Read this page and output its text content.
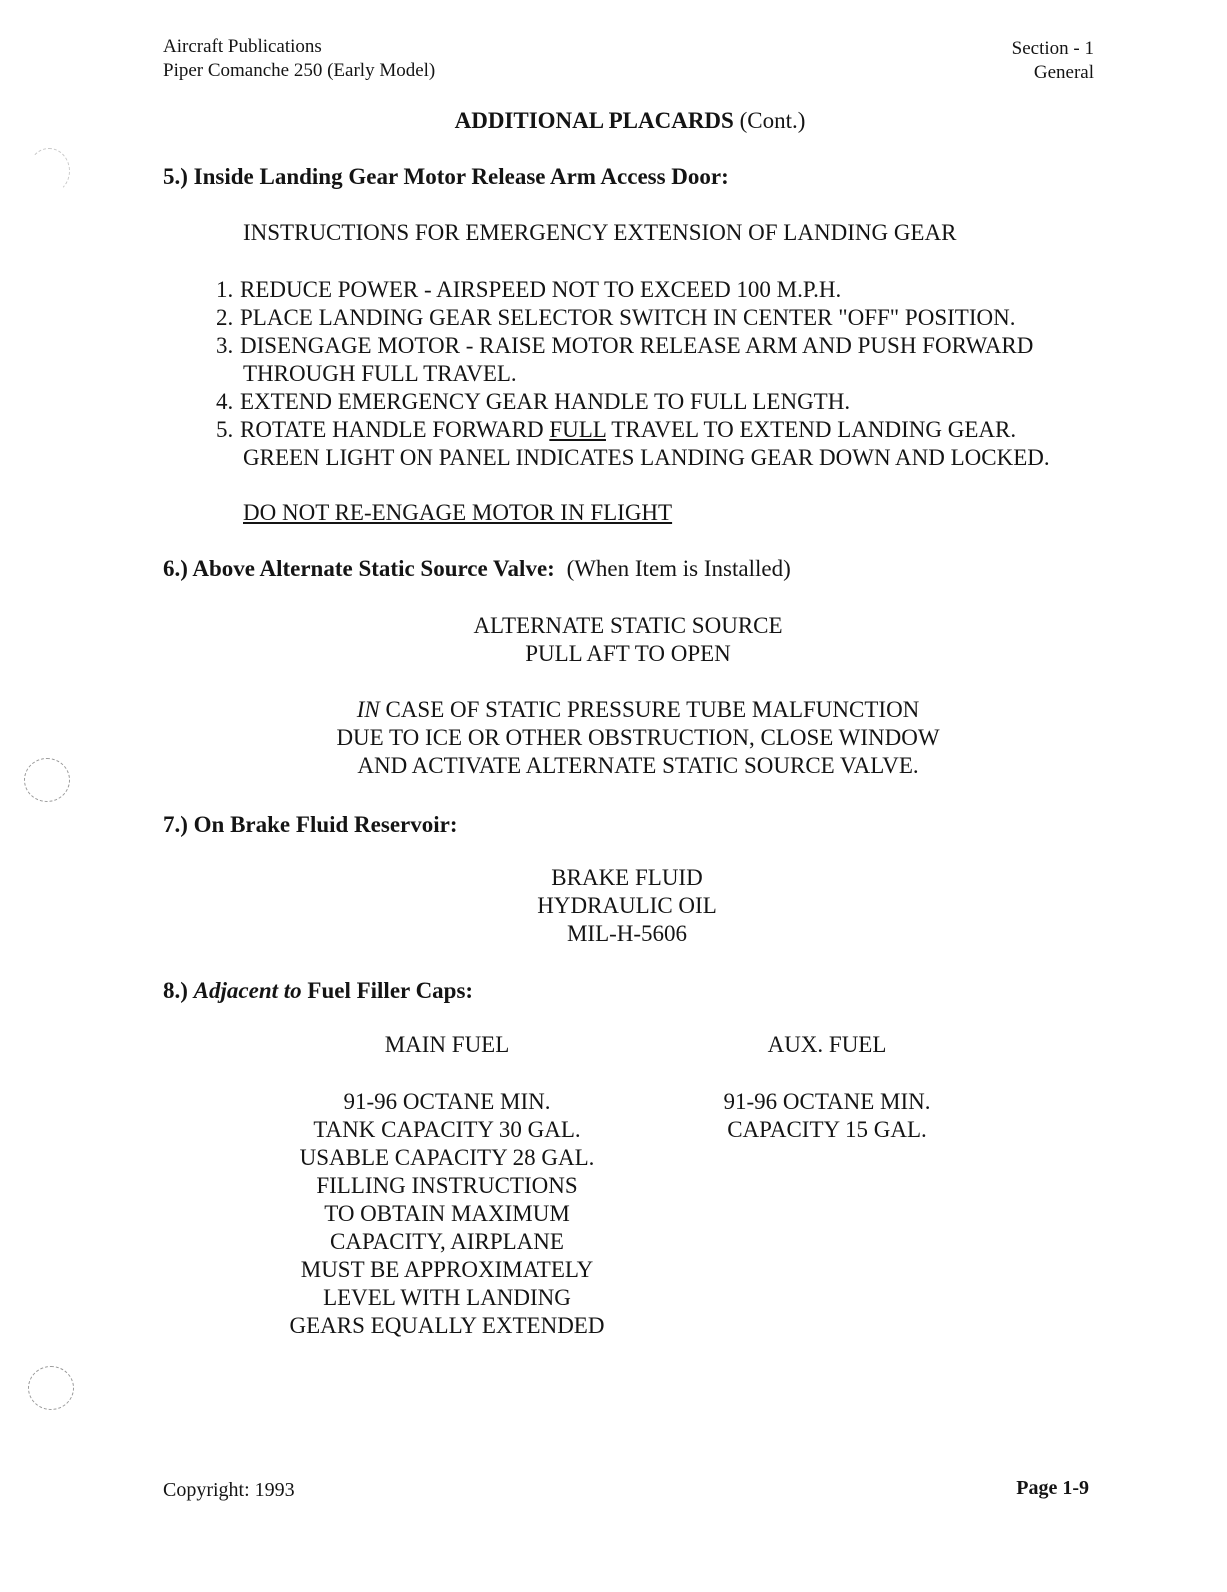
Aircraft Publications
Piper Comanche 250 (Early Model)
Section - 1
General
ADDITIONAL PLACARDS (Cont.)
5.) Inside Landing Gear Motor Release Arm Access Door:
INSTRUCTIONS FOR EMERGENCY EXTENSION OF LANDING GEAR
1. REDUCE POWER - AIRSPEED NOT TO EXCEED 100 M.P.H.
2. PLACE LANDING GEAR SELECTOR SWITCH IN CENTER "OFF" POSITION.
3. DISENGAGE MOTOR - RAISE MOTOR RELEASE ARM AND PUSH FORWARD
THROUGH FULL TRAVEL.
4. EXTEND EMERGENCY GEAR HANDLE TO FULL LENGTH.
5. ROTATE HANDLE FORWARD FULL TRAVEL TO EXTEND LANDING GEAR.
GREEN LIGHT ON PANEL INDICATES LANDING GEAR DOWN AND LOCKED.
DO NOT RE-ENGAGE MOTOR IN FLIGHT
6.) Above Alternate Static Source Valve: (When Item is Installed)
ALTERNATE STATIC SOURCE
PULL AFT TO OPEN
IN CASE OF STATIC PRESSURE TUBE MALFUNCTION
DUE TO ICE OR OTHER OBSTRUCTION, CLOSE WINDOW
AND ACTIVATE ALTERNATE STATIC SOURCE VALVE.
7.) On Brake Fluid Reservoir:
BRAKE FLUID
HYDRAULIC OIL
MIL-H-5606
8.) Adjacent to Fuel Filler Caps:
MAIN FUEL
91-96 OCTANE MIN.
TANK CAPACITY 30 GAL.
USABLE CAPACITY 28 GAL.
FILLING INSTRUCTIONS
TO OBTAIN MAXIMUM
CAPACITY, AIRPLANE
MUST BE APPROXIMATELY
LEVEL WITH LANDING
GEARS EQUALLY EXTENDED
AUX. FUEL
91-96 OCTANE MIN.
CAPACITY 15 GAL.
Copyright: 1993	Page 1-9
